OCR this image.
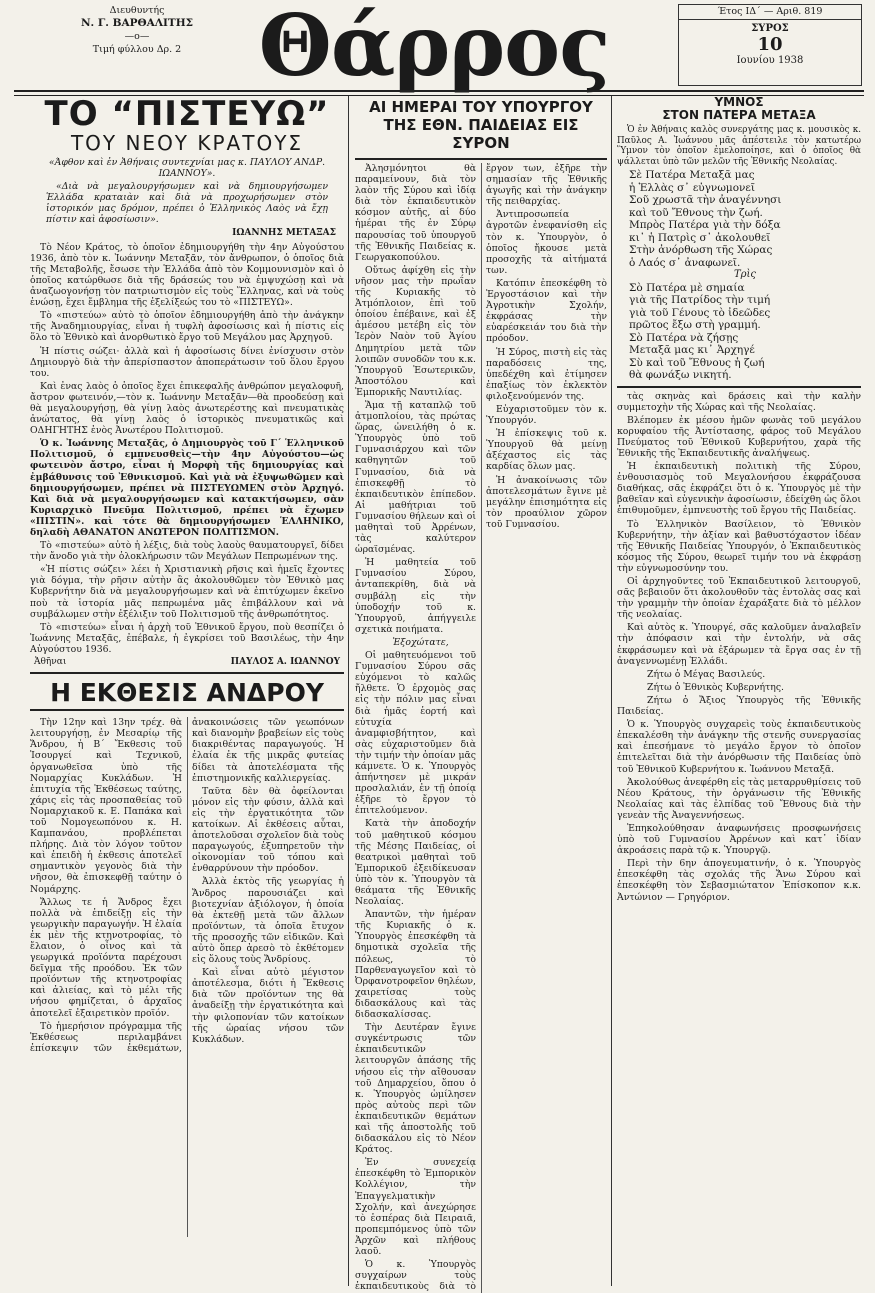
Διευθυντής
Ν. Γ. ΒΑΡΘΑΛΙΤΗΣ
—o—
Τιμή φύλλου Δρ. 2 Θάρρος	Έτος ΙΔ΄ — Αριθ. 819
ΣΥΡΟΣ
10
Ιουνίου 1938
ΤΟ “ΠΙΣΤΕΥΩ”
ΤΟΥ ΝΕΟΥ ΚΡΑΤΟΥΣ

«Άφθον καὶ ἐν Ἀθήναις συντεχνίαι μας κ. ΠΑΥΛΟΥ ΑΝΔΡ. ΙΩΑΝΝΟΥ».

«Διὰ νὰ μεγαλουργήσωμεν καὶ νὰ δημιουργήσωμεν Ἑλλάδα κραταιὰν καὶ διὰ νὰ προχωρήσωμεν στὸν ἱστορικόν μας δρόμον, πρέπει ὁ Ἑλληνικὸς Λαὸς νὰ ἔχῃ πίστιν καὶ ἀφοσίωσιν».

ΙΩΑΝΝΗΣ ΜΕΤΑΞΑΣ

Τὸ Νέον Κράτος, τὸ ὁποῖον ἐδημιουργήθη τὴν 4ην Αὐγούστου 1936, ἀπὸ τὸν κ. Ἰωάννην Μεταξᾶν, τὸν ἄνθρωπον, ὁ ὁποῖος διὰ τῆς Μεταβολῆς, ἔσωσε τὴν Ἑλλάδα ἀπὸ τὸν Κομμουνισμὸν καὶ ὁ ὁποῖος κατώρθωσε διὰ τῆς δράσεώς του νὰ ἐμψυχώσῃ καὶ νὰ ἀναζωογονήσῃ τὸν πατριωτισμὸν εἰς τοὺς Ἕλληνας, καὶ νὰ τοὺς ἑνώσῃ, ἔχει ἔμβλημα τῆς ἐξελίξεώς του τὸ «ΠΙΣΤΕΥΩ».

Τὸ «πιστεύω» αὐτὸ τὸ ὁποῖον ἐδημιουργήθη ἀπὸ τὴν ἀνάγκην τῆς Ἀναδημιουργίας, εἶναι ἡ τυφλὴ ἀφοσίωσις καὶ ἡ πίστις εἰς ὅλο τὸ Ἐθνικὸ καὶ ἀνορθωτικὸ ἔργο τοῦ Μεγάλου μας Ἀρχηγοῦ.

Ἡ πίστις σώζει· ἀλλὰ καὶ ἡ ἀφοσίωσις δίνει ἐνίσχυσιν στὸν Δημιουργὸ διὰ τὴν ἀπερίσπαστον ἀποπεράτωσιν τοῦ ὅλου ἔργου του.

Καὶ ἐνας λαὸς ὁ ὁποῖος ἔχει ἐπικεφαλῆς ἀνθρώπον μεγαλοφυῆ, ἄστρον φωτεινόν,—τὸν κ. Ἰωάννην Μεταξᾶν—θὰ προοδεύσῃ καὶ θὰ μεγαλουργήσῃ, θὰ γίνῃ λαὸς ἀνωτερέστης καὶ πνευματικὰς ἀνώτατος, θὰ γίνῃ λαὸς ὁ ἱστορικὸς πνευματικῶς καὶ ΟΔΗΓΗΤΗΣ ἑνὸς Ἀνωτέρου Πολιτισμοῦ.

Ὁ κ. Ἰωάννης Μεταξᾶς, ὁ Δημιουργὸς τοῦ Γ΄ Ἑλληνικοῦ Πολιτισμοῦ, ὁ εμπνευσθεὶς—τὴν 4ην Αὐγούστου—ὡς φωτεινὸν ἄστρο, εἶναι ἡ Μορφὴ τῆς δημιουργίας καὶ ἐμβάθυνσις τοῦ Ἐθνικισμοῦ. Καὶ γιὰ νὰ ἐξυψωθῶμεν καὶ δημιουργήσωμεν, πρέπει νὰ ΠΙΣΤΕΥΩΜΕΝ στὸν Ἀρχηγό. Καὶ διὰ νὰ μεγαλουργήσωμεν καὶ κατακτήσωμεν, σὰν Κυριαρχικὸ Πνεῦμα Πολιτισμοῦ, πρέπει νὰ ἔχωμεν «ΠΙΣΤΙΝ». καὶ τότε θὰ δημιουργήσωμεν ἙΛΛΗΝΙΚΟ, δηλαδὴ ΑΘΑΝΑΤΟΝ ΑΝΩΤΕΡΟΝ ΠΟΛΙΤΙΣΜΟΝ.

Τὸ «πιστεύω» αὐτὸ ἡ λέξις, διὰ τοὺς λαοὺς θαυματουργεῖ, δίδει τὴν ἄνοδο γιὰ τὴν ὁλοκλήρωσιν τῶν Μεγάλων Πεπρωμένων της.

«Ἡ πίστις σώζει» λέει ἡ Χριστιανικὴ ρῆσις καὶ ἡμεῖς ἔχοντες γιὰ δόγμα, τὴν ρῆσιν αὐτὴν ἂς ἀκολουθῶμεν τὸν Ἐθνικὸ μας Κυβερνήτην διὰ νὰ μεγαλουργήσωμεν καὶ νὰ ἐπιτύχωμεν ἐκεῖνο ποὺ τὰ ἱστορία μᾶς πεπρωμένα μᾶς ἐπιβάλλουν καὶ νὰ συμβάλωμεν στὴν ἐξέλιξιν τοῦ Πολιτισμοῦ τῆς ἀνθρωπότητος.

Τὸ «πιστεύω» εἶναι ἡ ἀρχὴ τοῦ Ἐθνικοῦ ἔργου, ποὺ θεσπίζει ὁ Ἰωάννης Μεταξᾶς, ἐπέβαλε, ἡ ἐγκρίσει τοῦ Βασιλέως, τὴν 4ην Αὐγούστου 1936.

Ἀθῆναι	ΠΑΥΛΟΣ Α. ΙΩΑΝΝΟΥ
Η ΕΚΘΕΣΙΣ ΑΝΔΡΟΥ

Τὴν 12ην καὶ 13ην τρέχ. θὰ λειτουργήσῃ, ἐν Μεσαρίῳ τῆς Ἄνδρου, ἡ Β΄ Ἔκθεσις τοῦ Ἰσουργεί καὶ Τεχνικοῦ, ὀργανωθεῖσα ὑπὸ τῆς Νομαρχίας Κυκλάδων. Ἡ ἐπιτυχία τῆς Ἐκθέσεως ταύτης, χάρις εἰς τὰς προσπαθείας τοῦ Νομαρχιακοῦ κ. Ε. Παπάκα καὶ τοῦ Νομογεωπόνου κ. Η. Καμπανάου, προβλέπεται πλήρης. Διὰ τὸν λόγον τοῦτον καὶ ἐπειδὴ ἡ ἐκθεσις ἀποτελεῖ σημαντικὸν γεγονὸς διὰ τὴν νῆσον, θὰ ἐπισκεφθῇ ταύτην ὁ Νομάρχης.

Ἄλλως τε ἡ Ἄνδρος ἔχει πολλὰ νὰ ἐπιδείξῃ εἰς τὴν γεωργικὴν παραγωγήν. Ἡ ἐλαία ἐκ μὲν τῆς κτηνοτροφίας, τὸ ἔλαιον, ὁ οἶνος καὶ τὰ γεωργικά προϊόντα παρέχουσι δεῖγμα τῆς προόδου. Ἐκ τῶν προϊόντων τῆς κτηνοτροφίας καὶ ἀλιείας, καὶ τὸ μέλι τῆς νήσου φημίζεται, ὁ ἀρχαῖος ἀποτελεῖ ἐξαιρετικὸν προϊόν.

Τὸ ἡμερήσιον πρόγραμμα τῆς Ἐκθέσεως περιλαμβάνει ἐπίσκεψιν τῶν ἐκθεμάτων, ἀνακοινώσεις τῶν γεωπόνων καὶ διανομὴν βραβείων εἰς τοὺς διακριθέντας παραγωγούς. Ἡ ἐλαία ἐκ τῆς μικρᾶς φυτείας δίδει τὰ ἀποτελέσματα τῆς ἐπιστημονικῆς καλλιεργείας.

Ταῦτα δὲν θὰ ὀφείλονται μόνον εἰς τὴν φύσιν, ἀλλὰ καὶ εἰς τὴν ἐργατικότητα τῶν κατοίκων. Αἱ ἐκθέσεις αὗται, ἀποτελοῦσαι σχολεῖον διὰ τοὺς παραγωγούς, ἐξυπηρετοῦν τὴν οἰκονομίαν τοῦ τόπου καὶ ἐνθαρρύνουν τὴν πρόοδον.

Ἀλλὰ ἐκτὸς τῆς γεωργίας ἡ Ἄνδρος παρουσιάζει καὶ βιοτεχνίαν ἀξιόλογον, ἡ ὁποία θὰ ἐκτεθῇ μετὰ τῶν ἄλλων προϊόντων, τὰ ὁποῖα ἔτυχον τῆς προσοχῆς τῶν εἰδικῶν. Καὶ αὐτὸ ὅπερ ἀρεσὸ τὸ ἐκθέτομεν εἰς ὅλους τοὺς Ἄνδρίους.

Καὶ εἶναι αὐτὸ μέγιστον ἀποτέλεσμα, διότι ἡ Ἔκθεσις διὰ τῶν προϊόντων της θὰ ἀναδείξῃ τὴν ἐργατικότητα καὶ τὴν φιλοπονίαν τῶν κατοίκων τῆς ὡραίας νήσου τῶν Κυκλάδων.

ΑΙ ΗΜΕΡΑΙ ΤΟΥ ΥΠΟΥΡΓΟΥ ΤΗΣ ΕΘΝ. ΠΑΙΔΕΙΑΣ ΕΙΣ ΣΥΡΟΝ

Ἀλησμόνητοι θὰ παραμείνουν, διὰ τὸν λαὸν τῆς Σύρου καὶ ἰδίᾳ διὰ τὸν ἐκπαιδευτικὸν κόσμον αὐτῆς, αἱ δύο ἡμέραι τῆς ἐν Σύρῳ παρουσίας τοῦ ὑπουργοῦ τῆς Ἐθνικῆς Παιδείας κ. Γεωργακοπούλου.

Οὔτως ἀφίχθη εἰς τὴν νῆσον μας τὴν πρωΐαν τῆς Κυριακῆς τὸ Ἀτμόπλοιον, ἐπὶ τοῦ ὁποίου ἐπέβαινε, καὶ ἐξ ἀμέσου μετέβη εἰς τὸν Ἱερὸν Ναὸν τοῦ Ἁγίου Δημητρίου μετὰ τῶν λοιπῶν συνοδῶν του κ.κ. Ὑπουργοῦ Ἐσωτερικῶν, Ἀποστόλου καὶ Ἐμπορικῆς Ναυτιλίας.

Ἅμα τῇ καταπλῷ τοῦ ἀτμοπλοίου, τὰς πρώτας ὥρας, ὠνειλήθη ὁ κ. Ὑπουργὸς ὑπὸ τοῦ Γυμνασιάρχου καὶ τῶν καθηγητῶν τοῦ Γυμνασίου, διὰ νὰ ἐπισκεφθῇ τὸ ἐκπαιδευτικὸν ἐπίπεδον. Αἱ μαθήτριαι τοῦ Γυμνασίου θήλεων καὶ οἱ μαθηταὶ τοῦ Ἀρρένων, τὰς καλύτερον ὡραϊσμένας.

Ἡ μαθητεία τοῦ Γυμνασίου Σύρου, ἀνταπεκρίθη, διὰ νὰ συμβάλῃ εἰς τὴν ὑποδοχήν τοῦ κ. Ὑπουργοῦ, ἀπήγγειλε σχετικὰ ποιήματα.

Ἐξοχώτατε,

Οἱ μαθητευόμενοι τοῦ Γυμνασίου Σύρου σᾶς εὐχόμενοι τὸ καλῶς ἤλθετε. Ὁ ἐρχομὸς σας εἰς τὴν πόλιν μας εἶναι διὰ ἡμᾶς ἑορτή καὶ εὐτυχία ἀναμφισβήτητον, καὶ σὰς εὐχαριστοῦμεν διὰ τὴν τιμήν τὴν ὁποίαν μᾶς κάμνετε. Ὁ κ. Ὑπουργὸς ἀπήντησεν μὲ μικράν προσλαλιάν, ἐν τῇ ὁποίᾳ ἐξῆρε τὸ ἔργον τὸ ἐπιτελούμενον.

Κατὰ τὴν ἀποδοχήν τοῦ μαθητικοῦ κόσμου τῆς Μέσης Παιδείας, οἱ θεατρικοὶ μαθηταὶ τοῦ Ἐμπορικοῦ ἐξειδίκευσαν ὑπὸ τὸν κ. Ὑπουργὸν τὰ θεάματα τῆς Ἐθνικῆς Νεολαίας.

Ἀπαντῶν, τὴν ἡμέραν τῆς Κυριακῆς ὁ κ. Ὑπουργὸς ἐπεσκέφθη τὰ δημοτικὰ σχολεῖα τῆς πόλεως, τὸ Παρθεναγωγεῖον καὶ τὸ Ὀρφανοτροφεῖον θηλέων, χαιρετίσας τοὺς διδασκάλους καὶ τὰς διδασκαλίσσας.

Τὴν Δευτέραν ἔγινε συγκέντρωσις τῶν ἐκπαιδευτικῶν λειτουργῶν ἀπάσης τῆς νήσου εἰς τὴν αἴθουσαν τοῦ Δημαρχείου, ὅπου ὁ κ. Ὑπουργὸς ὡμίλησεν πρὸς αὐτοὺς περὶ τῶν ἐκπαιδευτικῶν θεμάτων καὶ τῆς ἀποστολῆς τοῦ διδασκάλου εἰς τὸ Νέον Κράτος.

Ἐν συνεχείᾳ ἐπεσκέφθη τὸ Ἐμπορικὸν Κολλέγιον, τὴν Ἐπαγγελματικὴν Σχολήν, καὶ ἀνεχώρησε τὸ ἑσπέρας διὰ Πειραιᾶ, προπεμπόμενος ὑπὸ τῶν Ἀρχῶν καὶ πλήθους λαοῦ.

Ὁ κ. Ὑπουργὸς συγχαίρων τοὺς ἐκπαιδευτικοὺς διὰ τὸ ἔργον των, ἐξῆρε τὴν σημασίαν τῆς Ἐθνικῆς ἀγωγῆς καὶ τὴν ἀνάγκην τῆς πειθαρχίας.

Ἀντιπροσωπεία ἀγροτῶν ἐνεφανίσθη εἰς τὸν κ. Ὑπουργὸν, ὁ ὁποῖος ἤκουσε μετὰ προσοχῆς τὰ αἰτήματά των.

Κατόπιν ἐπεσκέφθη τὸ Ἐργοστάσιον καὶ τὴν Ἀγροτικὴν Σχολήν, ἐκφράσας τὴν εὐαρέσκειάν του διὰ τὴν πρόοδον.

Ἡ Σύρος, πιστὴ εἰς τὰς παραδόσεις της, ὑπεδέχθη καὶ ἐτίμησεν ἐπαξίως τὸν ἐκλεκτὸν φιλοξενούμενόν της.

Εὐχαριστοῦμεν τὸν κ. Ὑπουργόν.

Ἡ ἐπίσκεψις τοῦ κ. Ὑπουργοῦ θὰ μείνῃ ἀξέχαστος εἰς τὰς καρδίας ὅλων μας.

Ἡ ἀνακοίνωσις τῶν ἀποτελεσμάτων ἔγινε μὲ μεγάλην ἐπισημότητα εἰς τὸν προαύλιον χῶρον τοῦ Γυμνασίου.

ΥΜΝΟΣ
ΣΤΟΝ ΠΑΤΕΡΑ ΜΕΤΑΞΑ

Ὁ ἐν Ἀθήναις καλὸς συνεργάτης μας κ. μουσικὸς κ. Παῦλος Α. Ἰωάννου μᾶς ἀπέστειλε τὸν κατωτέρω Ὕμνον τὸν ὁποῖον ἐμελοποίησε, καὶ ὁ ὁποῖος θὰ ψάλλεται ὑπὸ τῶν μελῶν τῆς Ἐθνικῆς Νεολαίας.

Σὲ Πατέρα Μεταξᾶ μας
ἡ Ἑλλὰς σ᾽ εὐγνωμονεῖ
Σοῦ χρωστᾶ τὴν ἀναγέννησι
καὶ τοῦ Ἔθνους τὴν ζωή.
Μπρὸς Πατέρα γιὰ τὴν δόξα
κι᾽ ἡ Πατρὶς σ᾽ ἀκολουθεῖ
Στὴν ἀνόρθωση τῆς Χώρας
ὁ Λαός σ᾽ ἀναφωνεῖ.
Τρὶς
Σὸ Πατέρα μὲ σημαία
γιὰ τῆς Πατρίδος τὴν τιμή
γιὰ τοῦ Γένους τὸ ἰδεῶδες
πρῶτος ἔξω στὴ γραμμή.
Σὸ Πατέρα νὰ ζήσῃς
Μεταξᾶ μας κι᾽ Ἀρχηγέ
Σὺ καὶ τοῦ Ἔθνους ἡ ζωή
θὰ φωνάξω νικητή.

τὰς σκηνὰς καὶ δράσεις καὶ τὴν καλὴν συμμετοχὴν τῆς Χώρας καὶ τῆς Νεολαίας.

Βλέπομεν ἐκ μέσου ἡμῶν φωνὰς τοῦ μεγάλου κορυφαίου τῆς Ἀντίστασης, φάρος τοῦ Μεγάλου Πνεύματος τοῦ Ἐθνικοῦ Κυβερνήτου, χαρὰ τῆς Ἐθνικῆς τῆς Ἐκπαιδευτικῆς ἀναλήψεως.

Ἡ ἐκπαιδευτικὴ πολιτικὴ τῆς Σύρου, ἐνθουσιασμὸς τοῦ Μεγαλονήσου ἐκφράζουσα διαθήκας, σᾶς ἐκφράζει ὅτι ὁ κ. Ὑπουργὸς μὲ τὴν βαθεῖαν καὶ εὐγενικὴν ἀφοσίωσιν, ἐδείχθη ὡς ὅλοι ἐπιθυμοῦμεν, ἐμπνευστὴς τοῦ ἔργου τῆς Παιδείας.

Τὸ Ἑλληνικὸν Βασίλειον, τὸ Ἐθνικὸν Κυβερνήτην, τὴν ἀξίαν καὶ βαθυστόχαστον ἰδέαν τῆς Ἐθνικῆς Παιδείας Ὑπουργόν, ὁ Ἐκπαιδευτικὸς κόσμος τῆς Σύρου, θεωρεῖ τιμήν του νὰ ἐκφράσῃ τὴν εὐγνωμοσύνην του.

Οἱ ἀρχηγοῦντες τοῦ Ἐκπαιδευτικοῦ λειτουργοῦ, σᾶς βεβαιοῦν ὅτι ἀκολουθοῦν τὰς ἐντολὰς σας καὶ τὴν γραμμὴν τὴν ὁποίαν ἐχαράξατε διὰ τὸ μέλλον τῆς νεολαίας.

Καὶ αὐτὸς κ. Ὑπουργέ, σᾶς καλοῦμεν ἀναλαβεῖν τὴν ἀπόφασιν καὶ τὴν ἐντολήν, νὰ σᾶς ἐκφράσωμεν καὶ νὰ ἐξάρωμεν τὰ ἔργα σας ἐν τῇ ἀναγεννωμένῃ Ἑλλάδι.

Ζήτω ὁ Μέγας Βασιλεύς.

Ζήτω ὁ Ἐθνικὸς Κυβερνήτης.

Ζήτω ὁ Ἄξιος Ὑπουργὸς τῆς Ἐθνικῆς Παιδείας.

Ὁ κ. Ὑπουργὸς συγχαρεὶς τοὺς ἐκπαιδευτικοὺς ἐπεκαλέσθη τὴν ἀνάγκην τῆς στενῆς συνεργασίας καὶ ἐπεσήμανε τὸ μεγάλο ἔργον τὸ ὁποῖον ἐπιτελεῖται διὰ τὴν ἀνόρθωσιν τῆς Παιδείας ὑπὸ τοῦ Ἐθνικοῦ Κυβερνήτου κ. Ἰωάννου Μεταξᾶ.

Ἀκολούθως ἀνεφέρθη εἰς τὰς μεταρρυθμίσεις τοῦ Νέου Κράτους, τὴν ὀργάνωσιν τῆς Ἐθνικῆς Νεολαίας καὶ τὰς ἐλπίδας τοῦ Ἔθνους διὰ τὴν γενεὰν τῆς Ἀναγεννήσεως.

Ἐπηκολούθησαν ἀναφωνήσεις προσφωνήσεις ὑπὸ τοῦ Γυμνασίου Ἀρρένων καὶ κατ᾽ ἰδίαν ἀκροάσεις παρὰ τῷ κ. Ὑπουργῷ.

Περὶ τὴν 6ην ἀπογευματινήν, ὁ κ. Ὑπουργὸς ἐπεσκέφθη τὰς σχολάς τῆς Ἄνω Σύρου καὶ ἐπεσκέφθη τὸν Σεβασμιώτατον Ἐπίσκοπον κ.κ. Ἀντώνιον — Γρηγόριον.
